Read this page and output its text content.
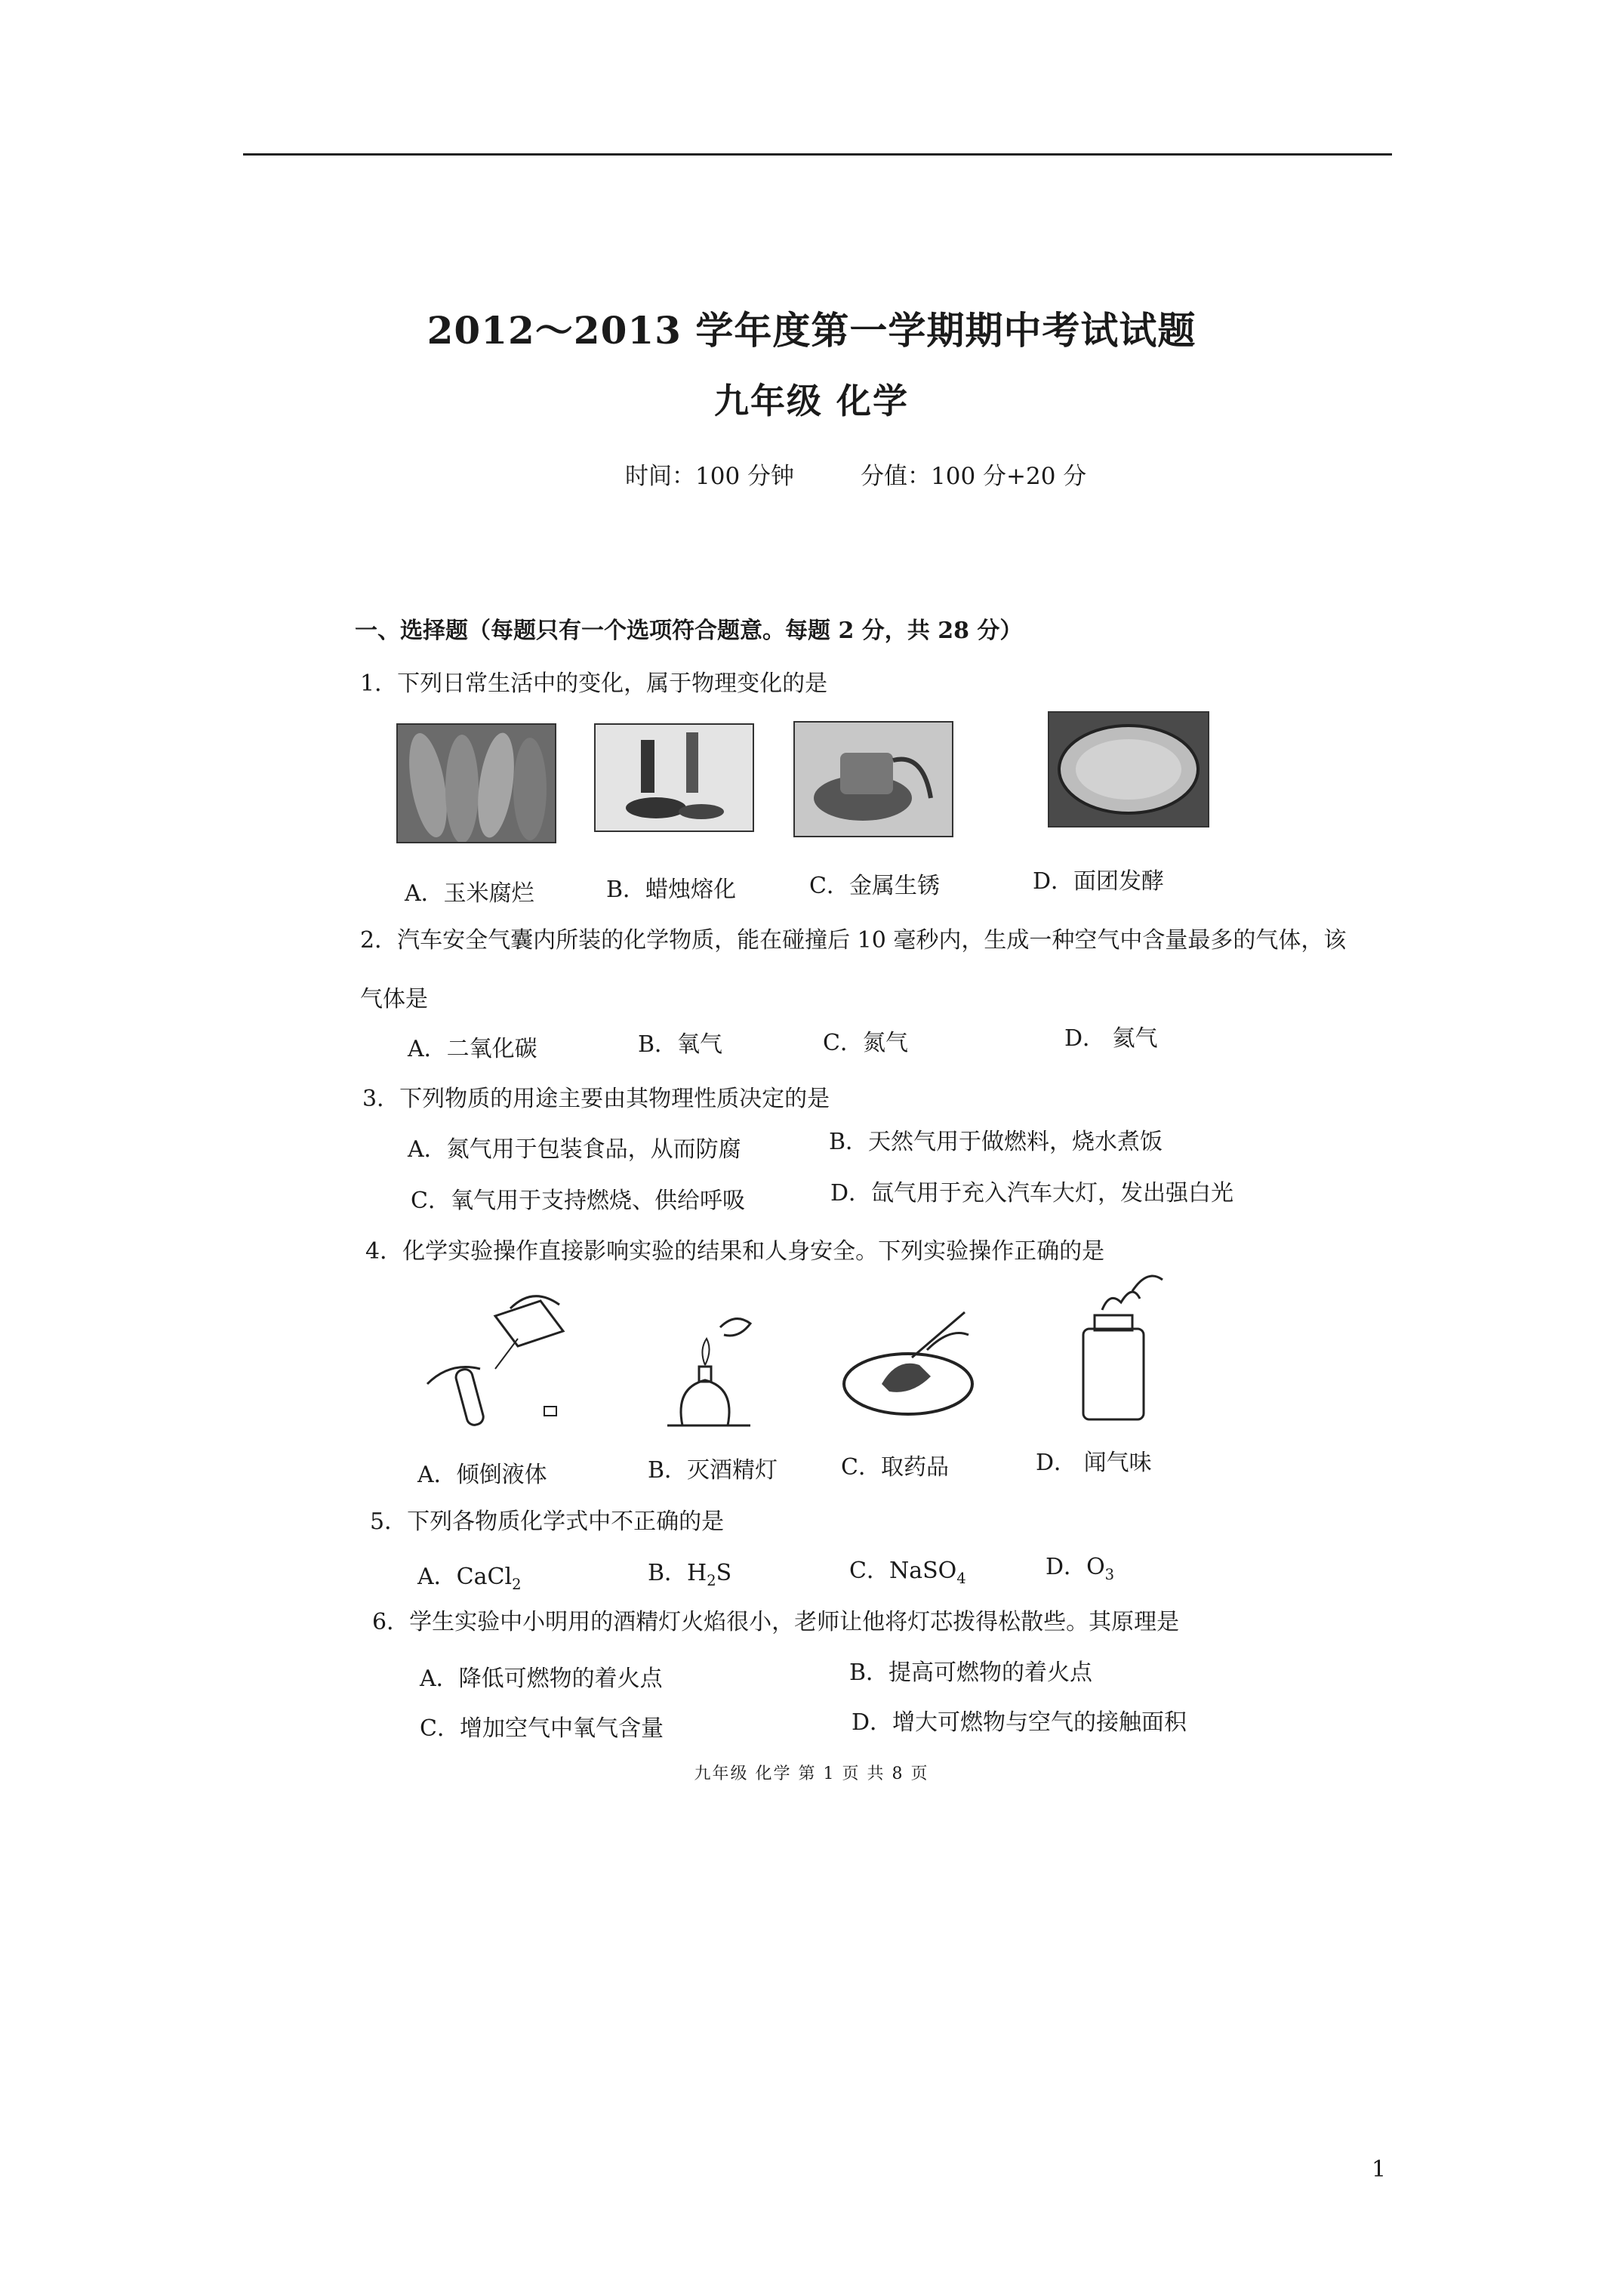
2012～2013 学年度第一学期期中考试试题
九年级 化学
时间：100 分钟	分值：100 分+20 分
一、选择题（每题只有一个选项符合题意。每题 2 分，共 28 分）
1．下列日常生活中的变化，属于物理变化的是
A．玉米腐烂	B．蜡烛熔化	C．金属生锈	D．面团发酵
2．汽车安全气囊内所装的化学物质，能在碰撞后 10 毫秒内，生成一种空气中含量最多的气体，该
气体是
A．二氧化碳	B．氧气	C．氮气	D． 氦气
3．下列物质的用途主要由其物理性质决定的是
A．氮气用于包装食品，从而防腐	B．天然气用于做燃料，烧水煮饭
C．氧气用于支持燃烧、供给呼吸	D．氙气用于充入汽车大灯，发出强白光
4．化学实验操作直接影响实验的结果和人身安全。下列实验操作正确的是
A．倾倒液体	B．灭酒精灯	C．取药品	D． 闻气味
5．下列各物质化学式中不正确的是
A．CaCl$_2$	B．$H_2S$	C．NaSO$_4$	D．$O_3$
6．学生实验中小明用的酒精灯火焰很小，老师让他将灯芯拨得松散些。其原理是
A．降低可燃物的着火点	B．提高可燃物的着火点
C．增加空气中氧气含量	D．增大可燃物与空气的接触面积
九年级 化学 第 1 页 共 8 页
1
